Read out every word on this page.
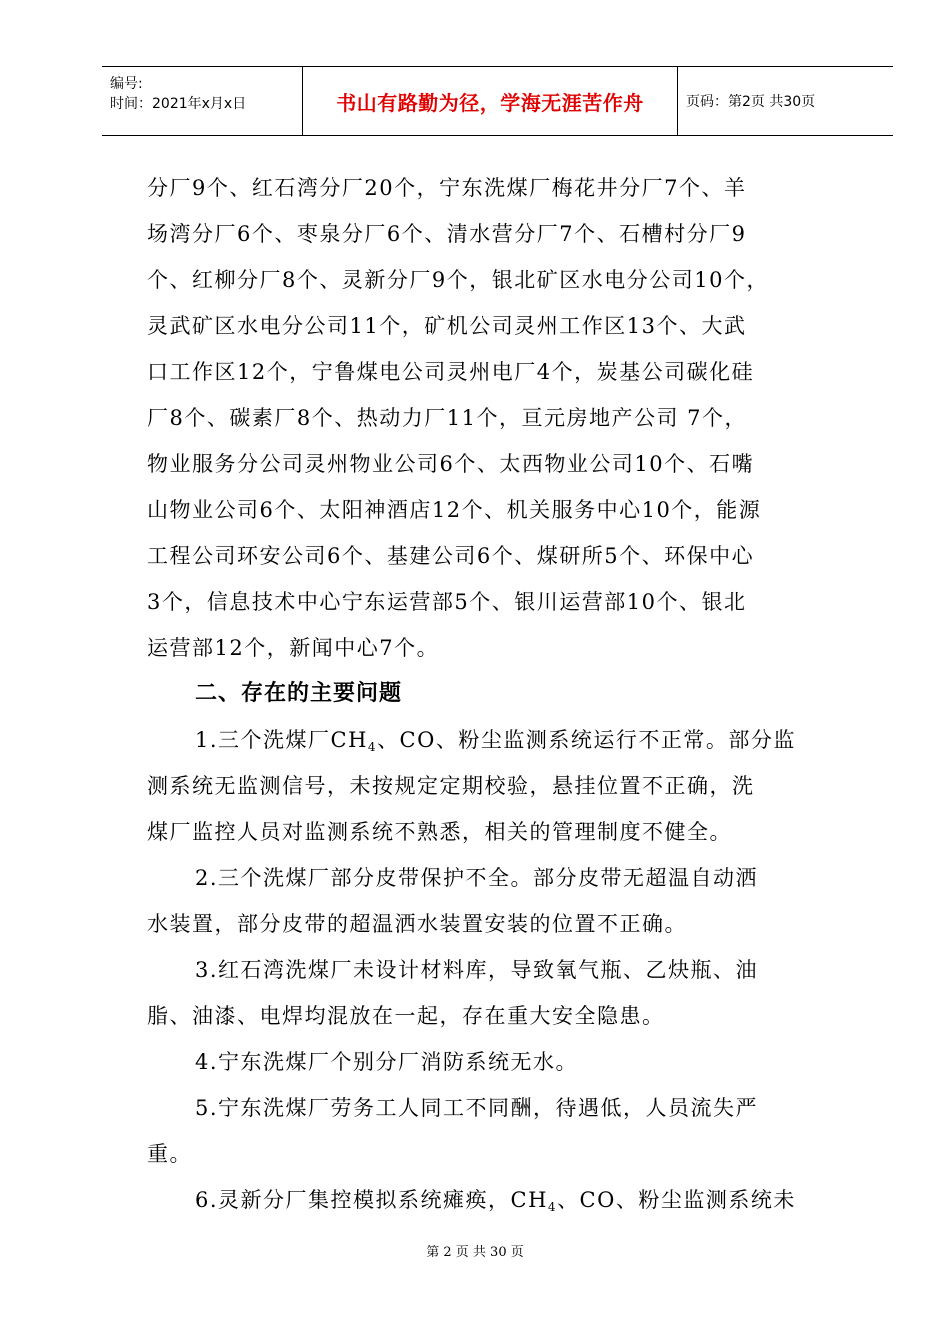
编号:
时间：2021年x月x日	书山有路勤为径，学海无涯苦作舟	页码：第2页 共30页
分厂9个、红石湾分厂20个，宁东洗煤厂梅花井分厂7个、羊
场湾分厂6个、枣泉分厂6个、清水营分厂7个、石槽村分厂9
个、红柳分厂8个、灵新分厂9个，银北矿区水电分公司10个，
灵武矿区水电分公司11个，矿机公司灵州工作区13个、大武
口工作区12个，宁鲁煤电公司灵州电厂4个，炭基公司碳化硅
厂8个、碳素厂8个、热动力厂11个，亘元房地产公司 7个，
物业服务分公司灵州物业公司6个、太西物业公司10个、石嘴
山物业公司6个、太阳神酒店12个、机关服务中心10个，能源
工程公司环安公司6个、基建公司6个、煤研所5个、环保中心
3个，信息技术中心宁东运营部5个、银川运营部10个、银北
运营部12个，新闻中心7个。
二、存在的主要问题
1.三个洗煤厂$CH_4$、CO、粉尘监测系统运行不正常。部分监
测系统无监测信号，未按规定定期校验，悬挂位置不正确，洗
煤厂监控人员对监测系统不熟悉，相关的管理制度不健全。
2.三个洗煤厂部分皮带保护不全。部分皮带无超温自动洒
水装置，部分皮带的超温洒水装置安装的位置不正确。
3.红石湾洗煤厂未设计材料库，导致氧气瓶、乙炔瓶、油
脂、油漆、电焊均混放在一起，存在重大安全隐患。
4.宁东洗煤厂个别分厂消防系统无水。
5.宁东洗煤厂劳务工人同工不同酬，待遇低，人员流失严
重。
6.灵新分厂集控模拟系统瘫痪，$CH_4$、CO、粉尘监测系统未
第 2 页 共 30 页
